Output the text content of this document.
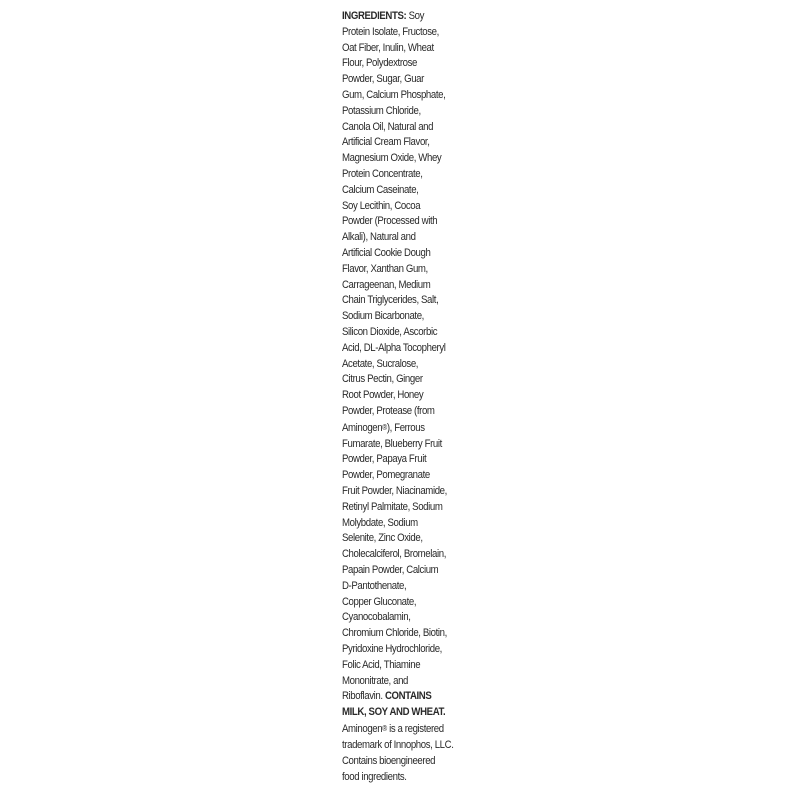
INGREDIENTS: Soy
Protein Isolate, Fructose,
Oat Fiber, Inulin, Wheat
Flour, Polydextrose
Powder, Sugar, Guar
Gum, Calcium Phosphate,
Potassium Chloride,
Canola Oil, Natural and
Artificial Cream Flavor,
Magnesium Oxide, Whey
Protein Concentrate,
Calcium Caseinate,
Soy Lecithin, Cocoa
Powder (Processed with
Alkali), Natural and
Artificial Cookie Dough
Flavor, Xanthan Gum,
Carrageenan, Medium
Chain Triglycerides, Salt,
Sodium Bicarbonate,
Silicon Dioxide, Ascorbic
Acid, DL-Alpha Tocopheryl
Acetate, Sucralose,
Citrus Pectin, Ginger
Root Powder, Honey
Powder, Protease (from
Aminogen®), Ferrous
Fumarate, Blueberry Fruit
Powder, Papaya Fruit
Powder, Pomegranate
Fruit Powder, Niacinamide,
Retinyl Palmitate, Sodium
Molybdate, Sodium
Selenite, Zinc Oxide,
Cholecalciferol, Bromelain,
Papain Powder, Calcium
D-Pantothenate,
Copper Gluconate,
Cyanocobalamin,
Chromium Chloride, Biotin,
Pyridoxine Hydrochloride,
Folic Acid, Thiamine
Mononitrate, and
Riboflavin. CONTAINS
MILK, SOY AND WHEAT.
Aminogen® is a registered
trademark of Innophos, LLC.
Contains bioengineered
food ingredients.
